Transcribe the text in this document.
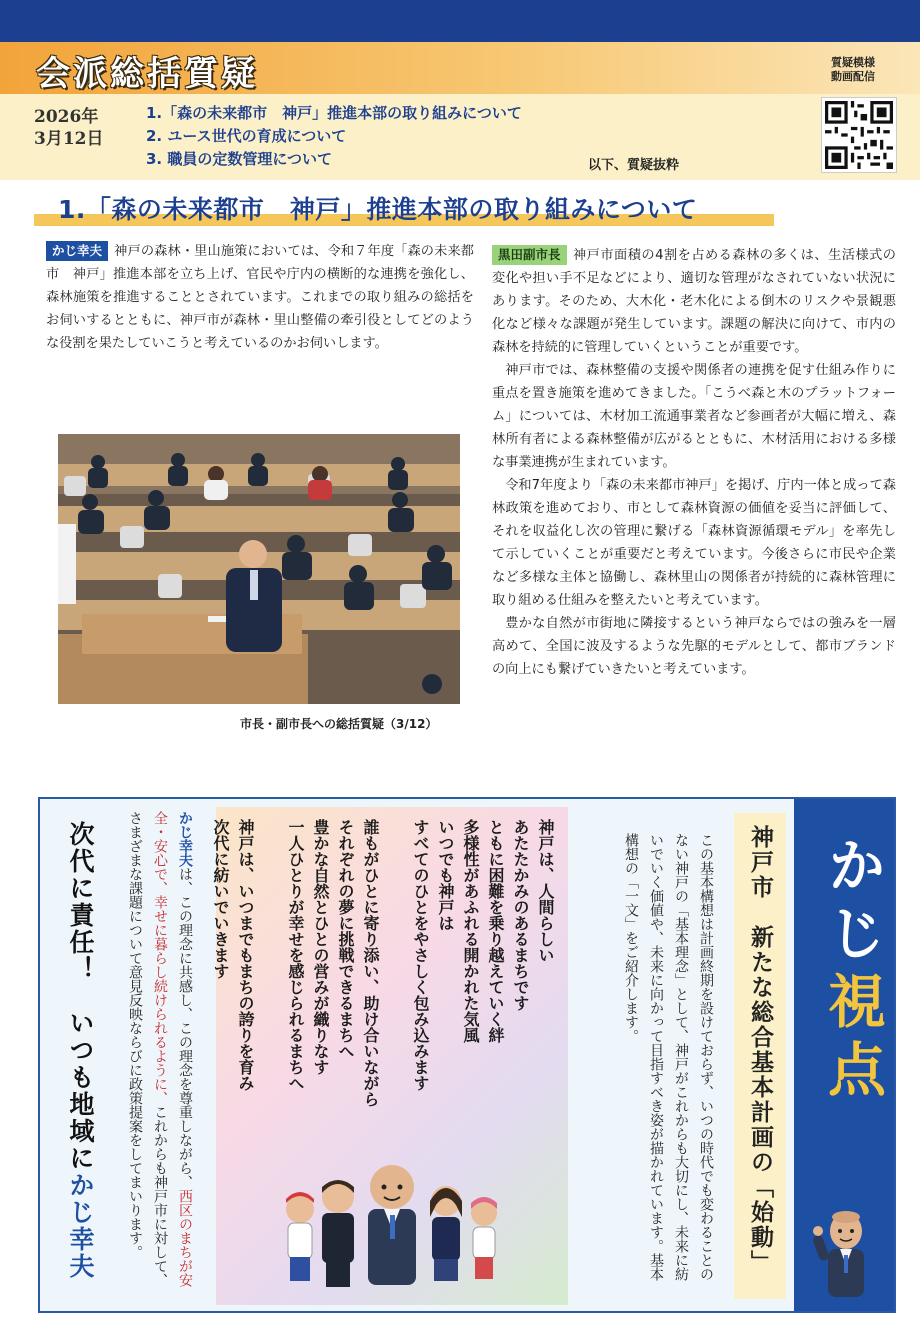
会派総括質疑	質疑模様
動画配信
2026年
3月12日
1.「森の未来都市　神戸」推進本部の取り組みについて
2. ユース世代の育成について
3. 職員の定数管理について	以下、質疑抜粋
1.「森の未来都市　神戸」推進本部の取り組みについて

かじ幸夫 神戸の森林・里山施策においては、令和７年度「森の未来都市　神戸」推進本部を立ち上げ、官民や庁内の横断的な連携を強化し、森林施策を推進することとされています。これまでの取り組みの総括をお伺いするとともに、神戸市が森林・里山整備の牽引役としてどのような役割を果たしていこうと考えているのかお伺いします。

市長・副市長への総括質疑（3/12）

黒田副市長 神戸市面積の4割を占める森林の多くは、生活様式の変化や担い手不足などにより、適切な管理がなされていない状況にあります。そのため、大木化・老木化による倒木のリスクや景観悪化など様々な課題が発生しています。課題の解決に向けて、市内の森林を持続的に管理していくということが重要です。

神戸市では、森林整備の支援や関係者の連携を促す仕組み作りに重点を置き施策を進めてきました。「こうべ森と木のプラットフォーム」については、木材加工流通事業者など参画者が大幅に増え、森林所有者による森林整備が広がるとともに、木材活用における多様な事業連携が生まれています。

令和7年度より「森の未来都市神戸」を掲げ、庁内一体と成って森林政策を進めており、市として森林資源の価値を妥当に評価して、それを収益化し次の管理に繋げる「森林資源循環モデル」を率先して示していくことが重要だと考えています。今後さらに市民や企業など多様な主体と協働し、森林里山の関係者が持続的に森林管理に取り組める仕組みを整えたいと考えています。

豊かな自然が市街地に隣接するという神戸ならではの強みを一層高めて、全国に波及するような先駆的モデルとして、都市ブランドの向上にも繋げていきたいと考えています。

かじ視点
神戸市　新たな総合基本計画の「始動」
この基本構想は計画終期を設けておらず、いつの時代でも変わることのない神戸の「基本理念」として、神戸がこれからも大切にし、未来に紡いでいく価値や、未来に向かって目指すべき姿が描かれています。基本構想の「一文」をご紹介します。
神戸は、人間らしい
あたたかみのあるまちです
ともに困難を乗り越えていく絆
多様性があふれる開かれた気風
いつでも神戸は
すべてのひとをやさしく包み込みます

誰もがひとに寄り添い、助け合いながら
それぞれの夢に挑戦できるまちへ
豊かな自然とひとの営みが織りなす
一人ひとりが幸せを感じられるまちへ

神戸は、いつまでもまちの誇りを育み
次代に紡いでいきます
かじ幸夫は、この理念に共感し、この理念を尊重しながら、西区のまちが安全・安心で、幸せに暮らし続けられるように、これからも神戸市に対して、さまざまな課題について意見反映ならびに政策提案をしてまいります。
次代に責任！　いつも地域にかじ幸夫
